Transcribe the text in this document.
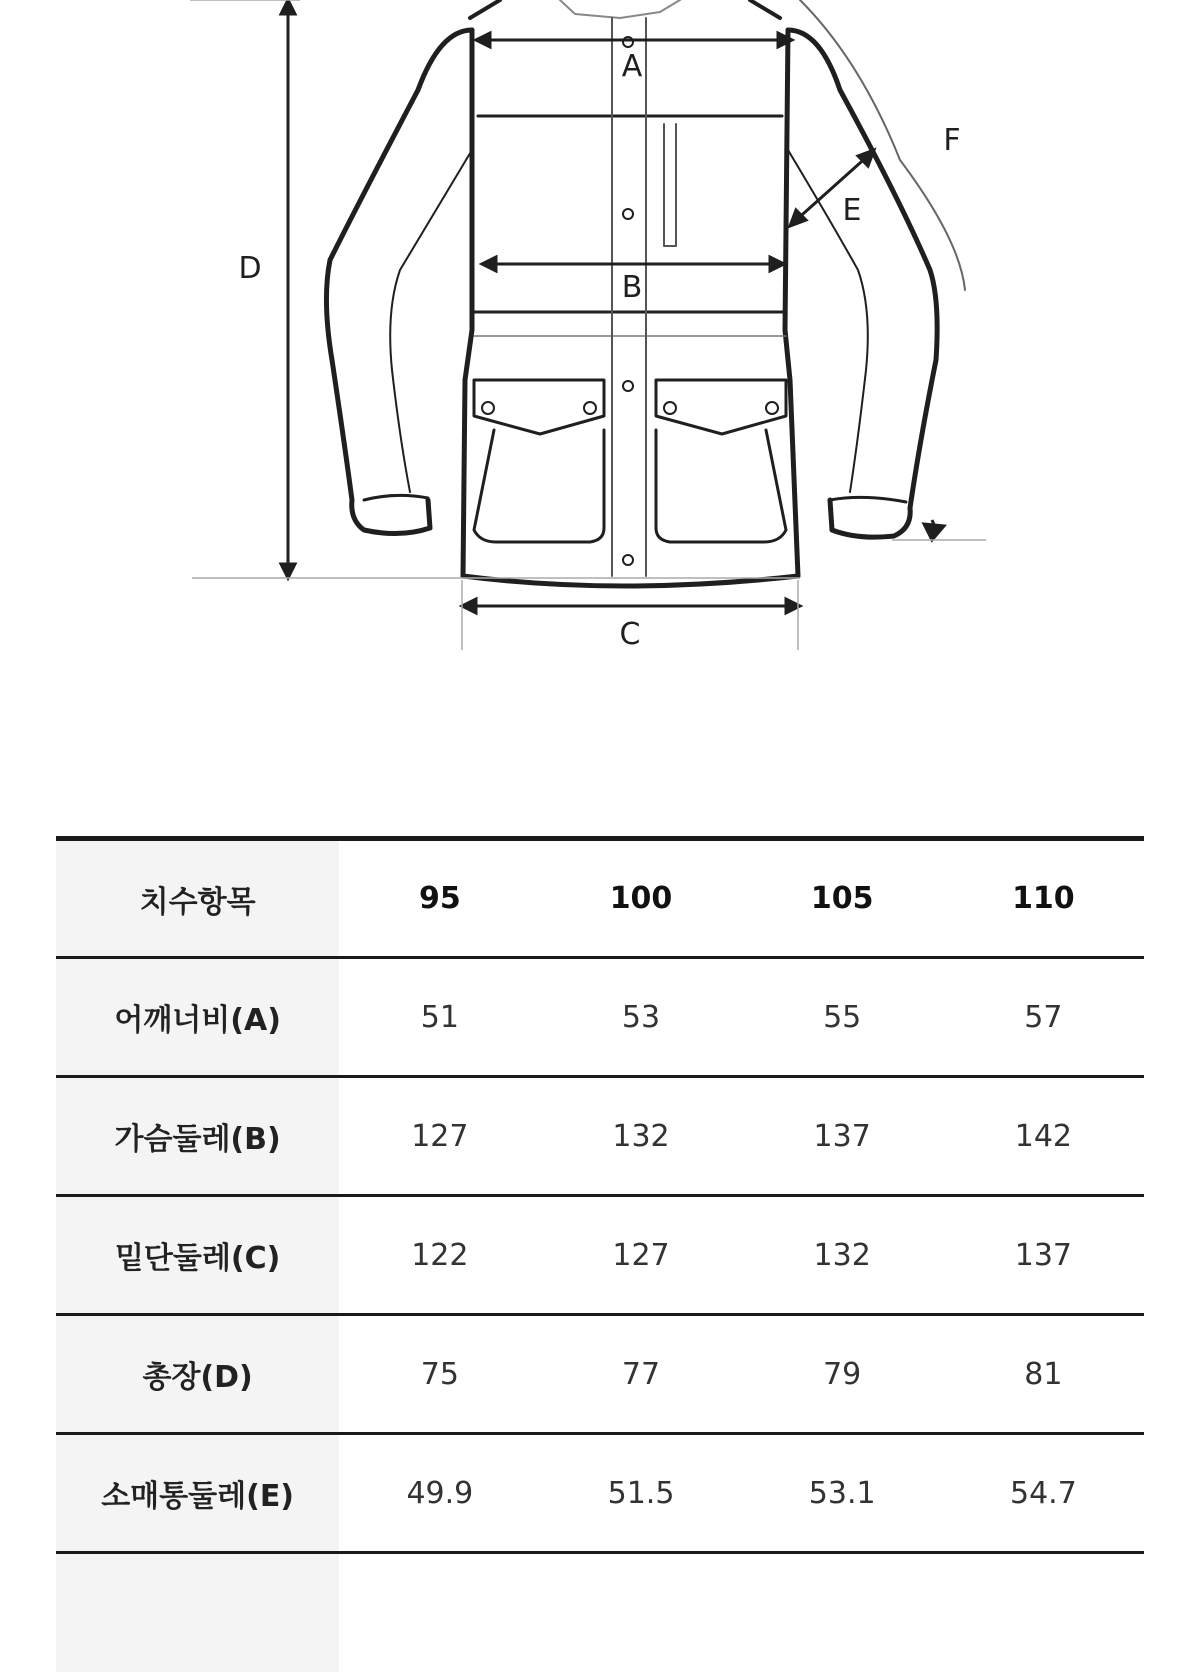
A
B
C
D
E
F
치수항목	95	100	105	110
어깨너비(A)	51	53	55	57
가슴둘레(B)	127	132	137	142
밑단둘레(C)	122	127	132	137
총장(D)	75	77	79	81
소매통둘레(E)	49.9	51.5	53.1	54.7
